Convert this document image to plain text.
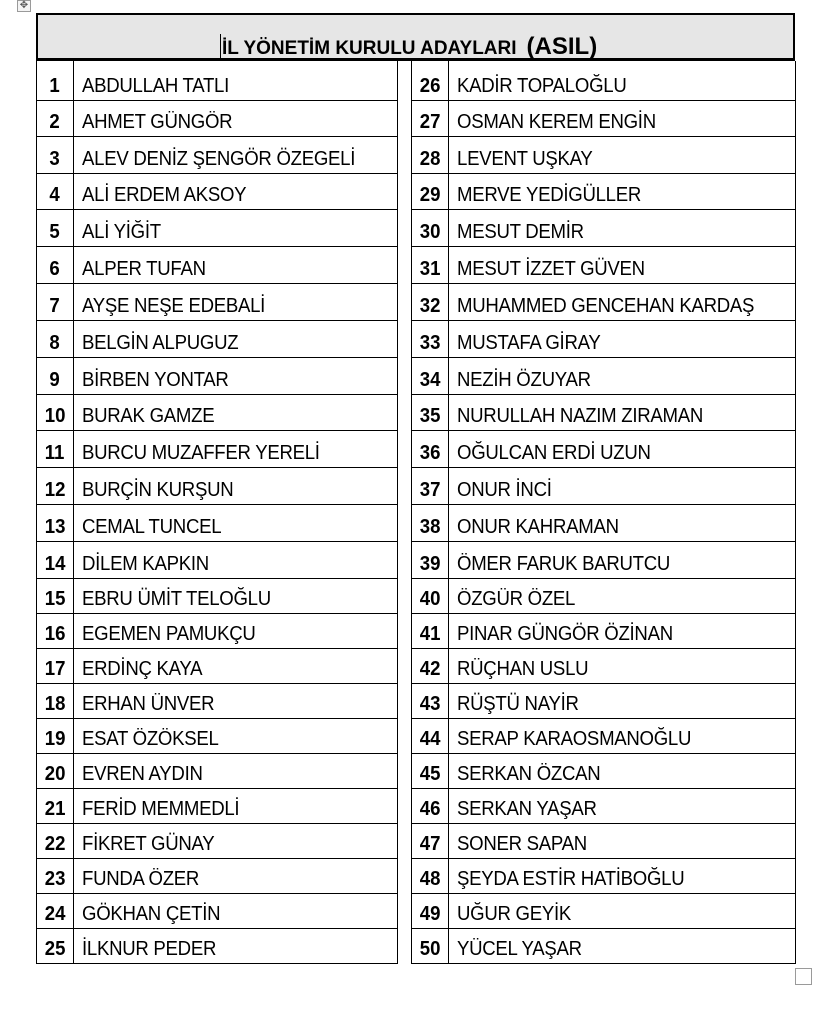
✥
İL YÖNETİM KURULU ADAYLARI (ASIL)
1 ABDULLAH TATLI
2 AHMET GÜNGÖR
3 ALEV DENİZ ŞENGÖR ÖZEGELİ
4 ALİ ERDEM AKSOY
5 ALİ YİĞİT
6 ALPER TUFAN
7 AYŞE NEŞE EDEBALİ
8 BELGİN ALPUGUZ
9 BİRBEN YONTAR
10 BURAK GAMZE
11 BURCU MUZAFFER YERELİ
12 BURÇİN KURŞUN
13 CEMAL TUNCEL
14 DİLEM KAPKIN
15 EBRU ÜMİT TELOĞLU
16 EGEMEN PAMUKÇU
17 ERDİNÇ KAYA
18 ERHAN ÜNVER
19 ESAT ÖZÖKSEL
20 EVREN AYDIN
21 FERİD MEMMEDLİ
22 FİKRET GÜNAY
23 FUNDA ÖZER
24 GÖKHAN ÇETİN
25 İLKNUR PEDER
26 KADİR TOPALOĞLU
27 OSMAN KEREM ENGİN
28 LEVENT UŞKAY
29 MERVE YEDİGÜLLER
30 MESUT DEMİR
31 MESUT İZZET GÜVEN
32 MUHAMMED GENCEHAN KARDAŞ
33 MUSTAFA GİRAY
34 NEZİH ÖZUYAR
35 NURULLAH NAZIM ZIRAMAN
36 OĞULCAN ERDİ UZUN
37 ONUR İNCİ
38 ONUR KAHRAMAN
39 ÖMER FARUK BARUTCU
40 ÖZGÜR ÖZEL
41 PINAR GÜNGÖR ÖZİNAN
42 RÜÇHAN USLU
43 RÜŞTÜ NAYİR
44 SERAP KARAOSMANOĞLU
45 SERKAN ÖZCAN
46 SERKAN YAŞAR
47 SONER SAPAN
48 ŞEYDA ESTİR HATİBOĞLU
49 UĞUR GEYİK
50 YÜCEL YAŞAR
